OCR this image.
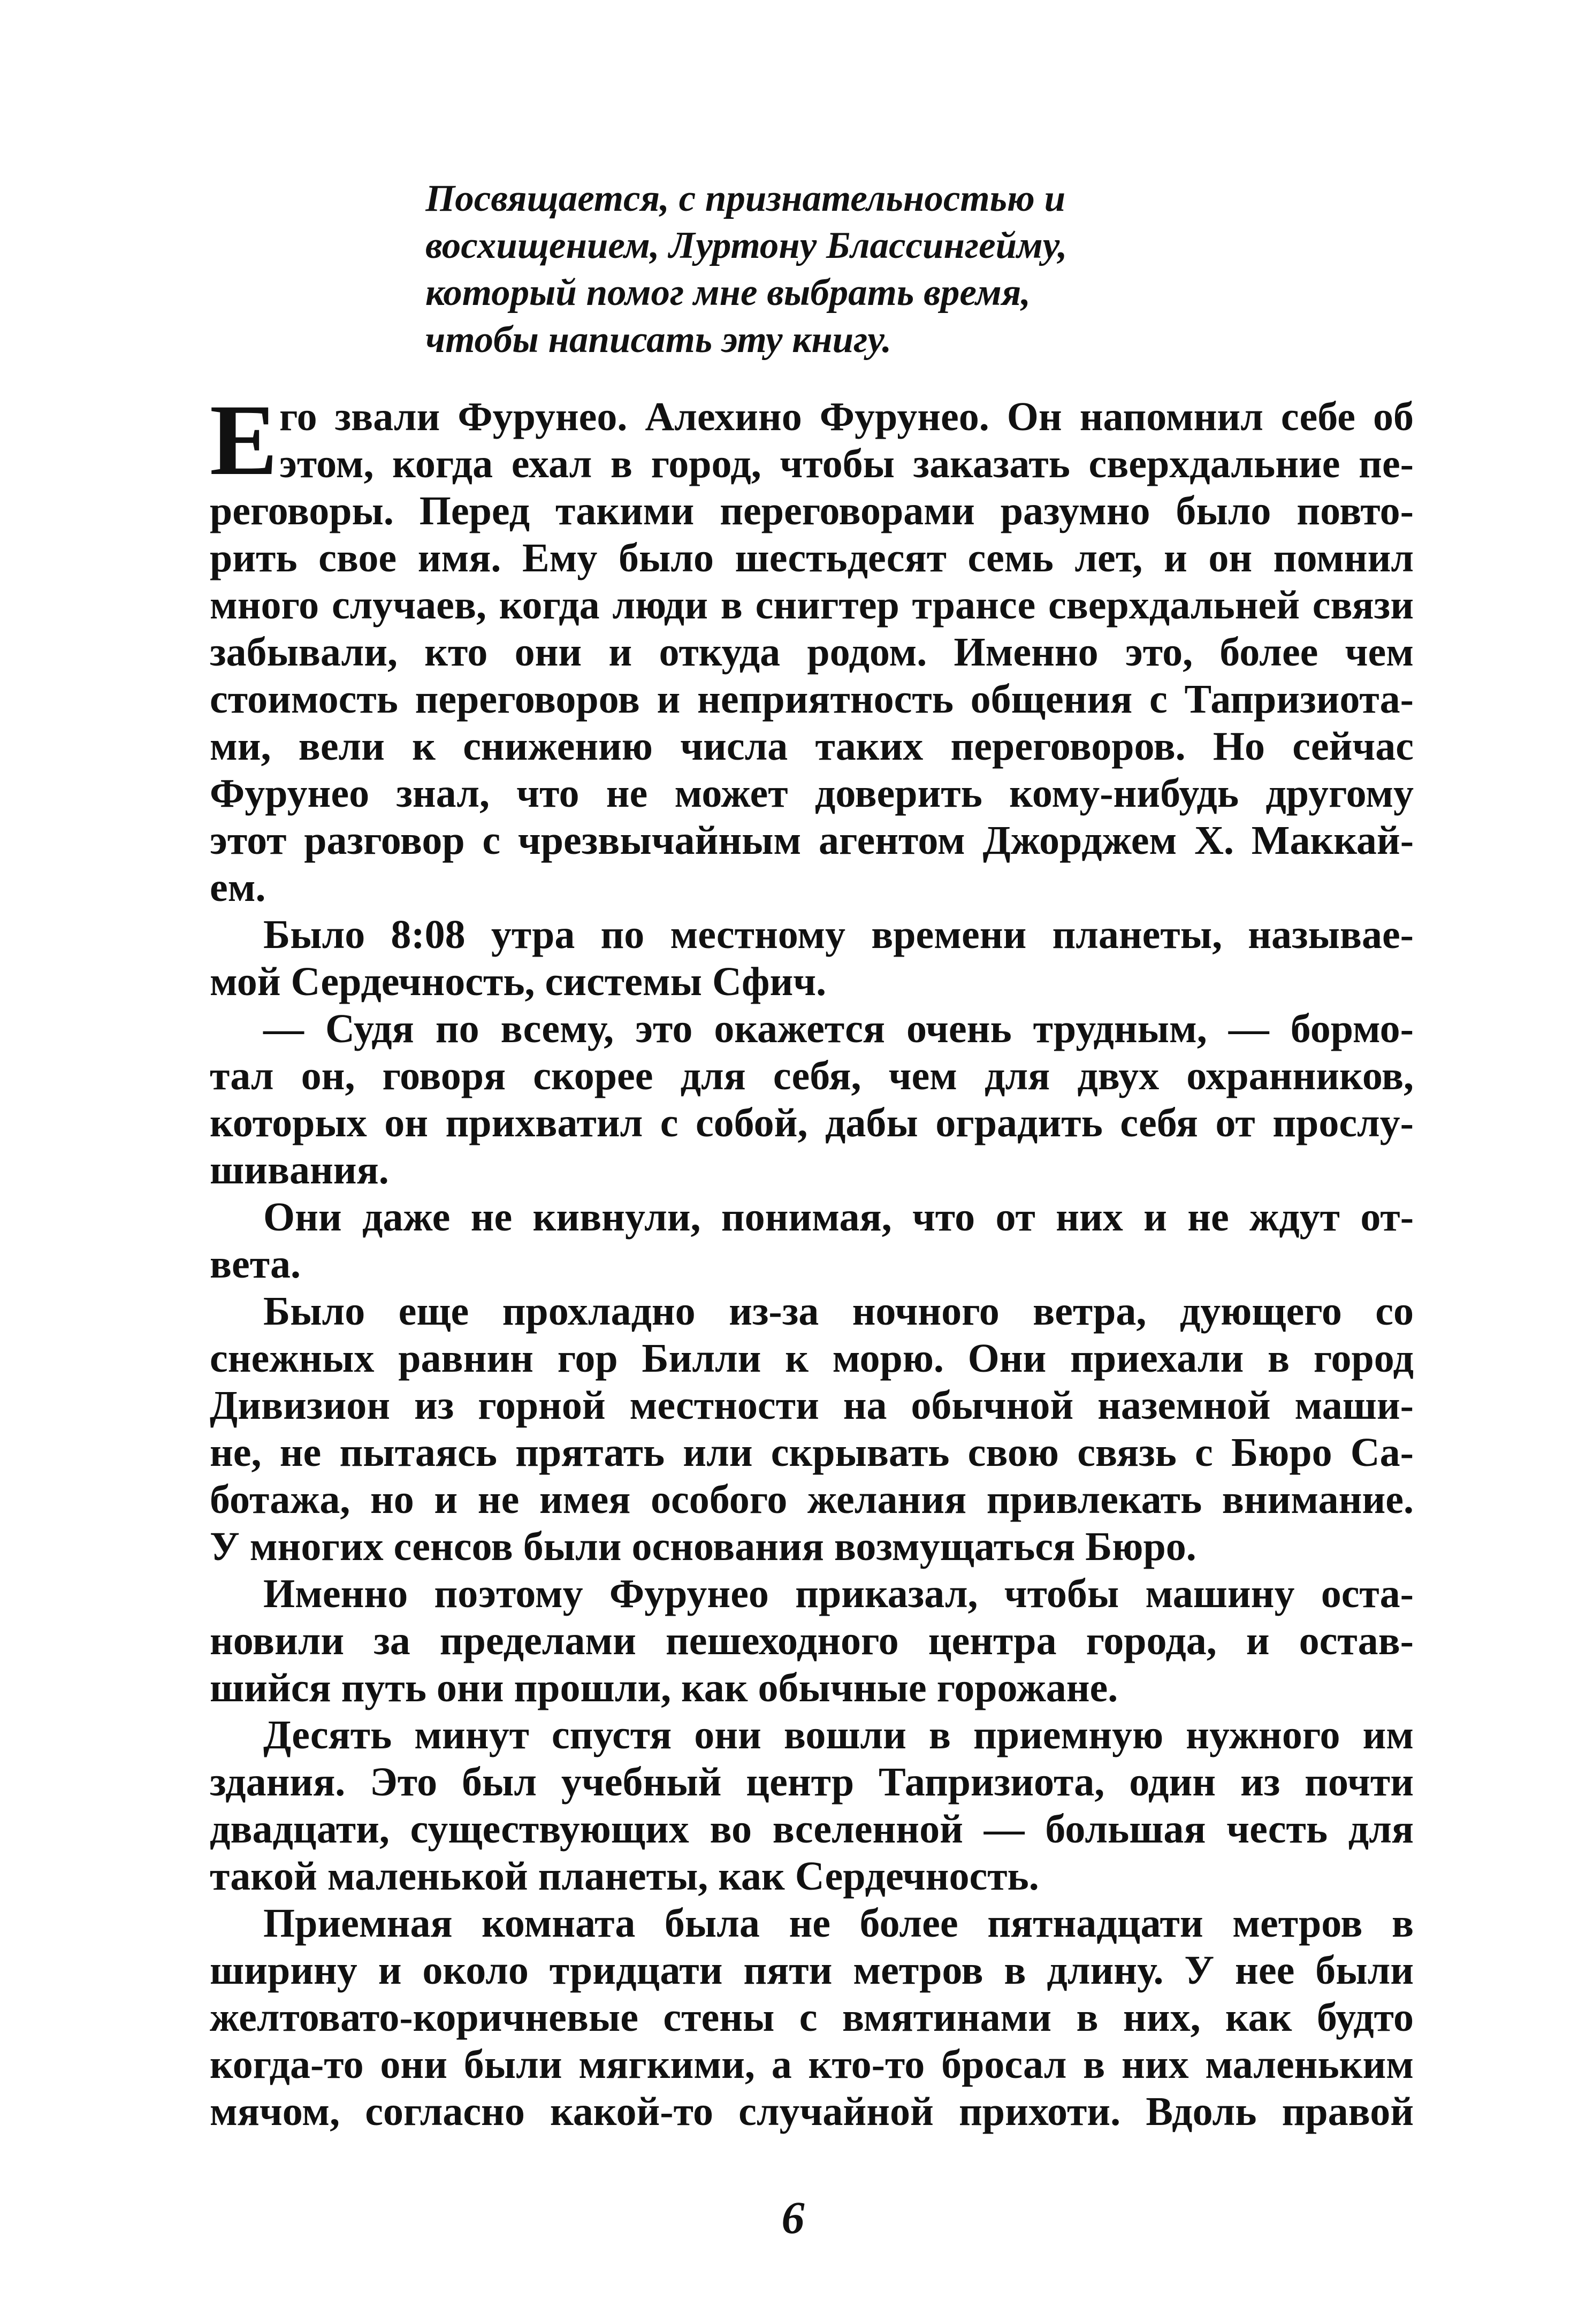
Посвящается, с признательностью и
восхищением, Луртону Блассингейму,
который помог мне выбрать время,
чтобы написать эту книгу.
Е го звали Фурунео. Алехино Фурунео. Он напомнил себе об
этом, когда ехал в город, чтобы заказать сверхдальние пе-
реговоры. Перед такими переговорами разумно было повто-
рить свое имя. Ему было шестьдесят семь лет, и он помнил
много случаев, когда люди в снигтер трансе сверхдальней связи
забывали, кто они и откуда родом. Именно это, более чем
стоимость переговоров и неприятность общения с Тапризиота-
ми, вели к снижению числа таких переговоров. Но сейчас
Фурунео знал, что не может доверить кому-нибудь другому
этот разговор с чрезвычайным агентом Джорджем Х. Маккай-
ем.
Было 8:08 утра по местному времени планеты, называе-
мой Сердечность, системы Сфич.
— Судя по всему, это окажется очень трудным, — бормо-
тал он, говоря скорее для себя, чем для двух охранников,
которых он прихватил с собой, дабы оградить себя от прослу-
шивания.
Они даже не кивнули, понимая, что от них и не ждут от-
вета.
Было еще прохладно из-за ночного ветра, дующего со
снежных равнин гор Билли к морю. Они приехали в город
Дивизион из горной местности на обычной наземной маши-
не, не пытаясь прятать или скрывать свою связь с Бюро Са-
ботажа, но и не имея особого желания привлекать внимание.
У многих сенсов были основания возмущаться Бюро.
Именно поэтому Фурунео приказал, чтобы машину оста-
новили за пределами пешеходного центра города, и остав-
шийся путь они прошли, как обычные горожане.
Десять минут спустя они вошли в приемную нужного им
здания. Это был учебный центр Тапризиота, один из почти
двадцати, существующих во вселенной — большая честь для
такой маленькой планеты, как Сердечность.
Приемная комната была не более пятнадцати метров в
ширину и около тридцати пяти метров в длину. У нее были
желтовато-коричневые стены с вмятинами в них, как будто
когда-то они были мягкими, а кто-то бросал в них маленьким
мячом, согласно какой-то случайной прихоти. Вдоль правой
6
